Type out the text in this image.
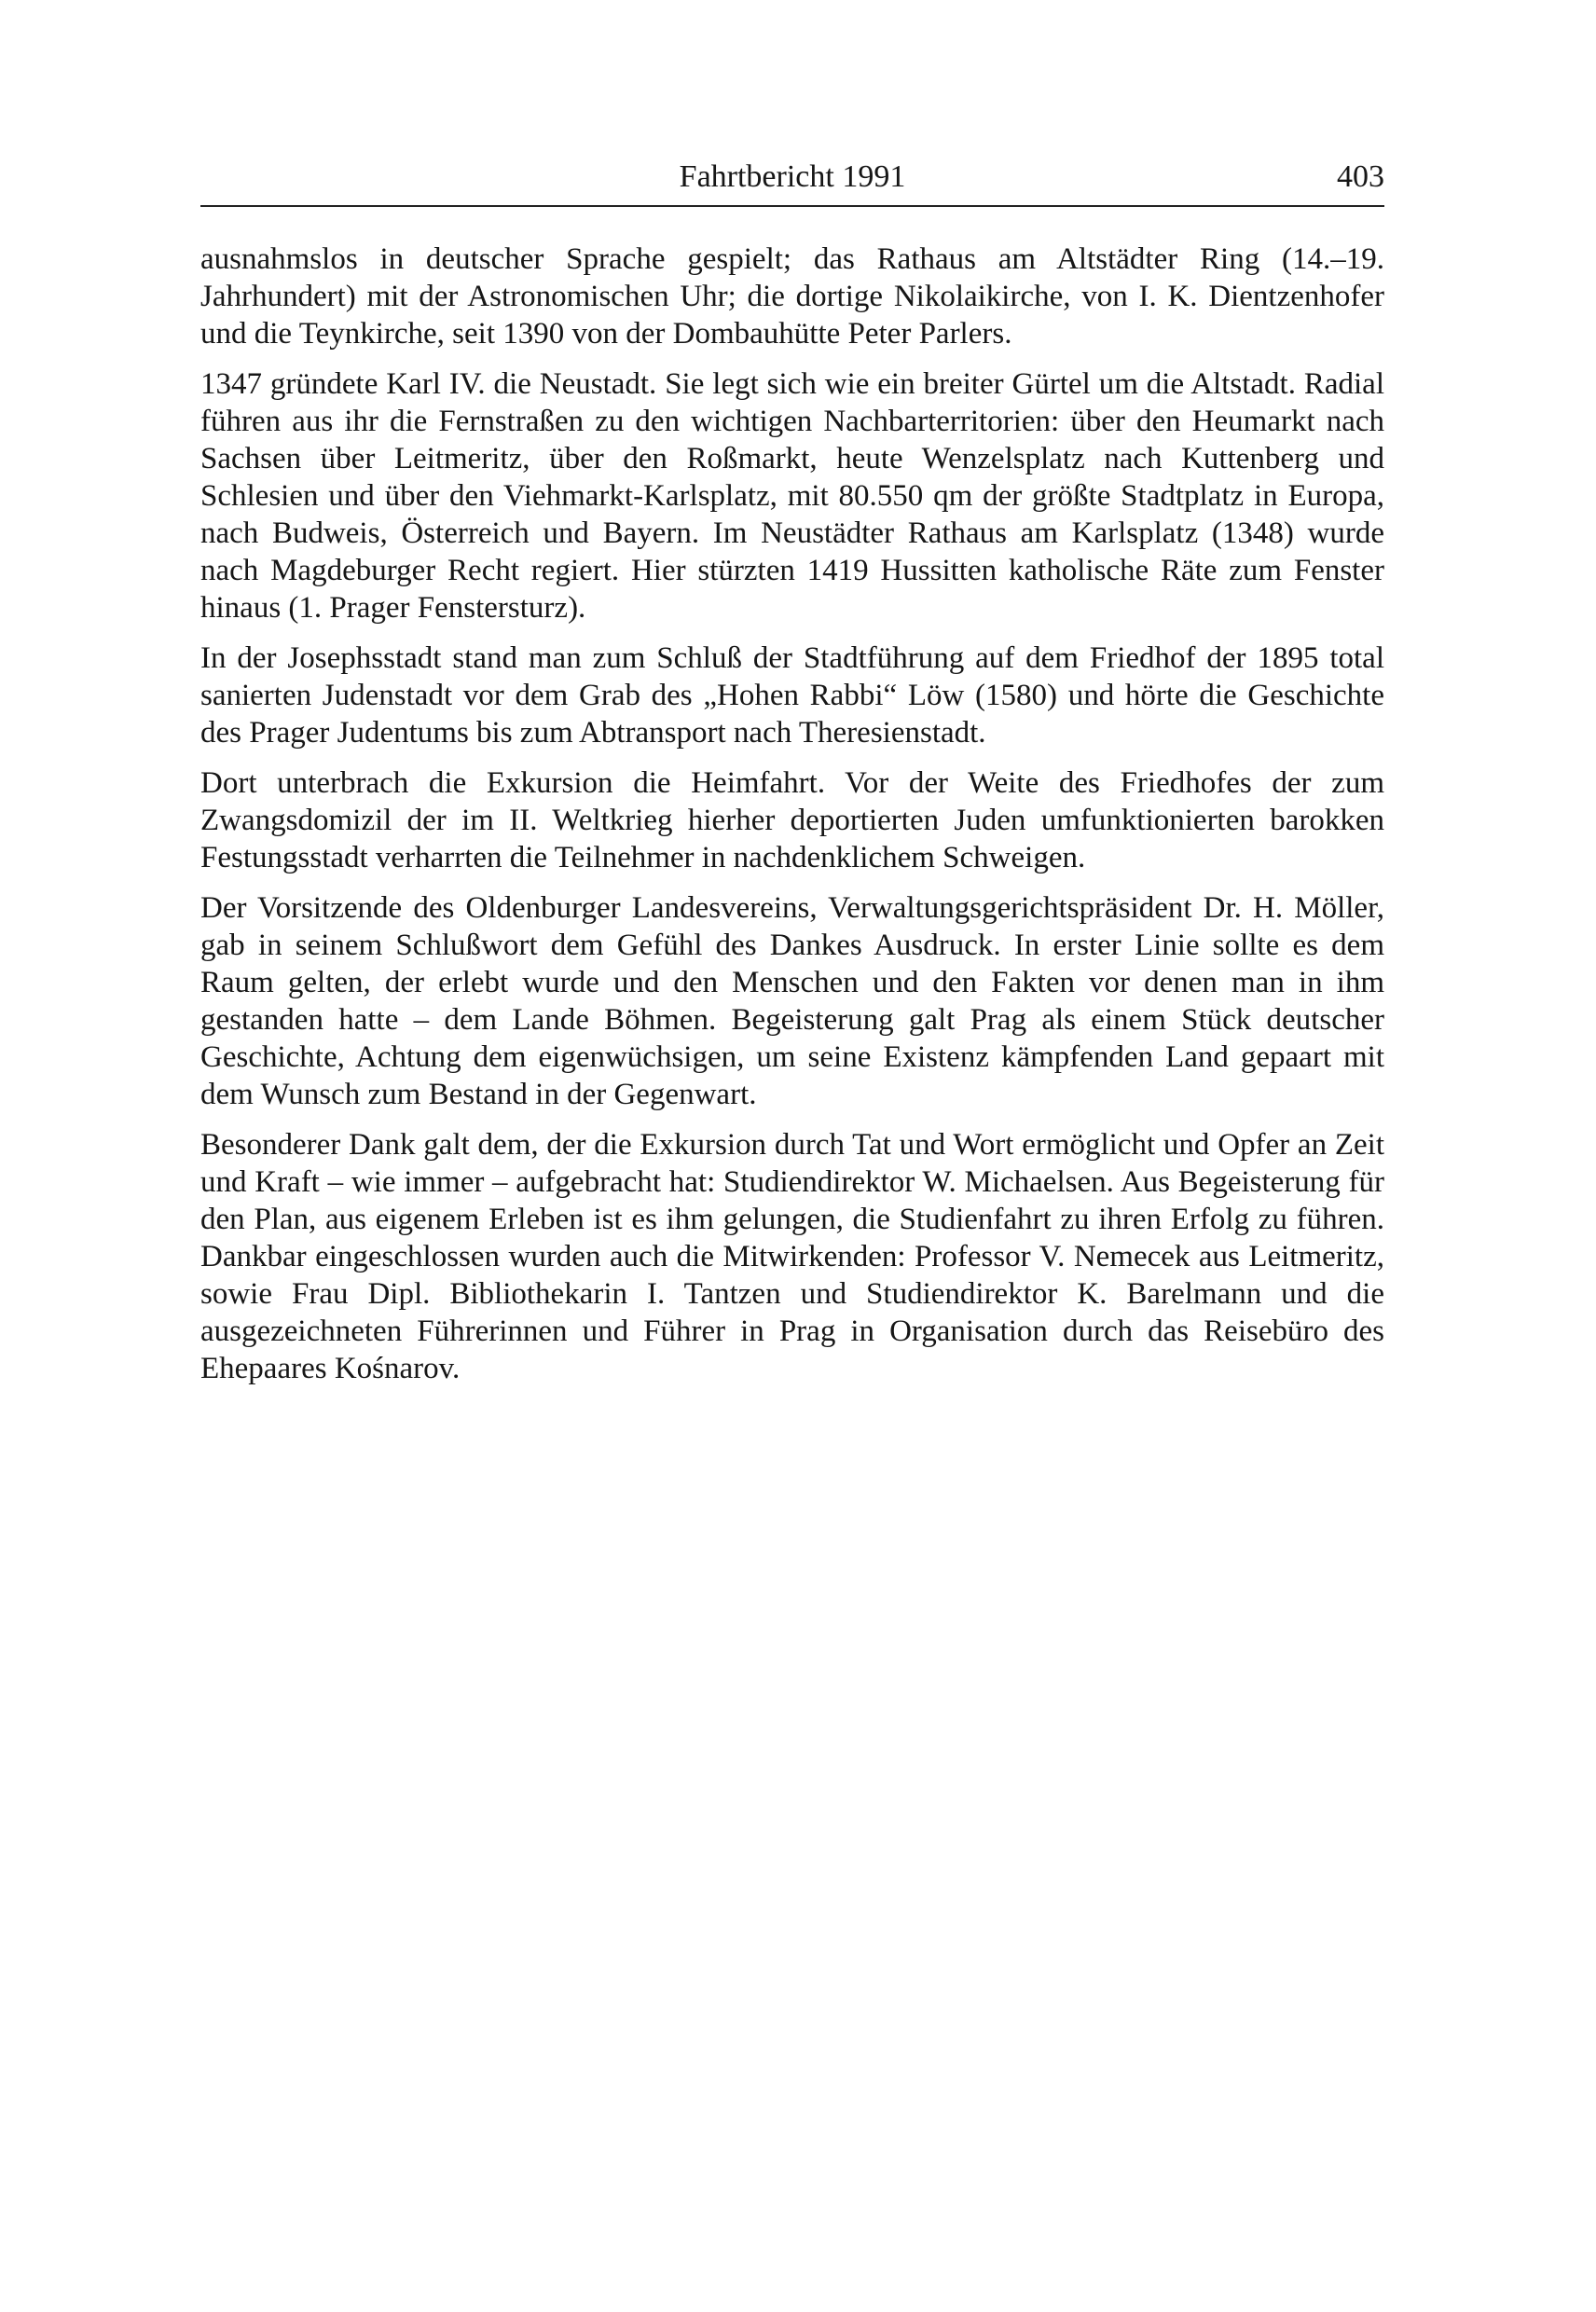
Fahrtbericht 1991	403

ausnahmslos in deutscher Sprache gespielt; das Rathaus am Altstädter Ring (14.–19. Jahrhundert) mit der Astronomischen Uhr; die dortige Nikolaikirche, von I. K. Dientzenhofer und die Teynkirche, seit 1390 von der Dombauhütte Peter Parlers.

1347 gründete Karl IV. die Neustadt. Sie legt sich wie ein breiter Gürtel um die Altstadt. Radial führen aus ihr die Fernstraßen zu den wichtigen Nachbarterritorien: über den Heumarkt nach Sachsen über Leitmeritz, über den Roßmarkt, heute Wenzelsplatz nach Kuttenberg und Schlesien und über den Viehmarkt-Karlsplatz, mit 80.550 qm der größte Stadtplatz in Europa, nach Budweis, Österreich und Bayern. Im Neustädter Rathaus am Karlsplatz (1348) wurde nach Magdeburger Recht regiert. Hier stürzten 1419 Hussitten katholische Räte zum Fenster hinaus (1. Prager Fenstersturz).

In der Josephsstadt stand man zum Schluß der Stadtführung auf dem Friedhof der 1895 total sanierten Judenstadt vor dem Grab des „Hohen Rabbi“ Löw (1580) und hörte die Geschichte des Prager Judentums bis zum Abtransport nach Theresienstadt.

Dort unterbrach die Exkursion die Heimfahrt. Vor der Weite des Friedhofes der zum Zwangsdomizil der im II. Weltkrieg hierher deportierten Juden umfunktionierten barokken Festungsstadt verharrten die Teilnehmer in nachdenklichem Schweigen.

Der Vorsitzende des Oldenburger Landesvereins, Verwaltungsgerichtspräsident Dr. H. Möller, gab in seinem Schlußwort dem Gefühl des Dankes Ausdruck. In erster Linie sollte es dem Raum gelten, der erlebt wurde und den Menschen und den Fakten vor denen man in ihm gestanden hatte – dem Lande Böhmen. Begeisterung galt Prag als einem Stück deutscher Geschichte, Achtung dem eigenwüchsigen, um seine Existenz kämpfenden Land gepaart mit dem Wunsch zum Bestand in der Gegenwart.

Besonderer Dank galt dem, der die Exkursion durch Tat und Wort ermöglicht und Opfer an Zeit und Kraft – wie immer – aufgebracht hat: Studiendirektor W. Michaelsen. Aus Begeisterung für den Plan, aus eigenem Erleben ist es ihm gelungen, die Studienfahrt zu ihren Erfolg zu führen. Dankbar eingeschlossen wurden auch die Mitwirkenden: Professor V. Nemecek aus Leitmeritz, sowie Frau Dipl. Bibliothekarin I. Tantzen und Studiendirektor K. Barelmann und die ausgezeichneten Führerinnen und Führer in Prag in Organisation durch das Reisebüro des Ehepaares Kośnarov.
